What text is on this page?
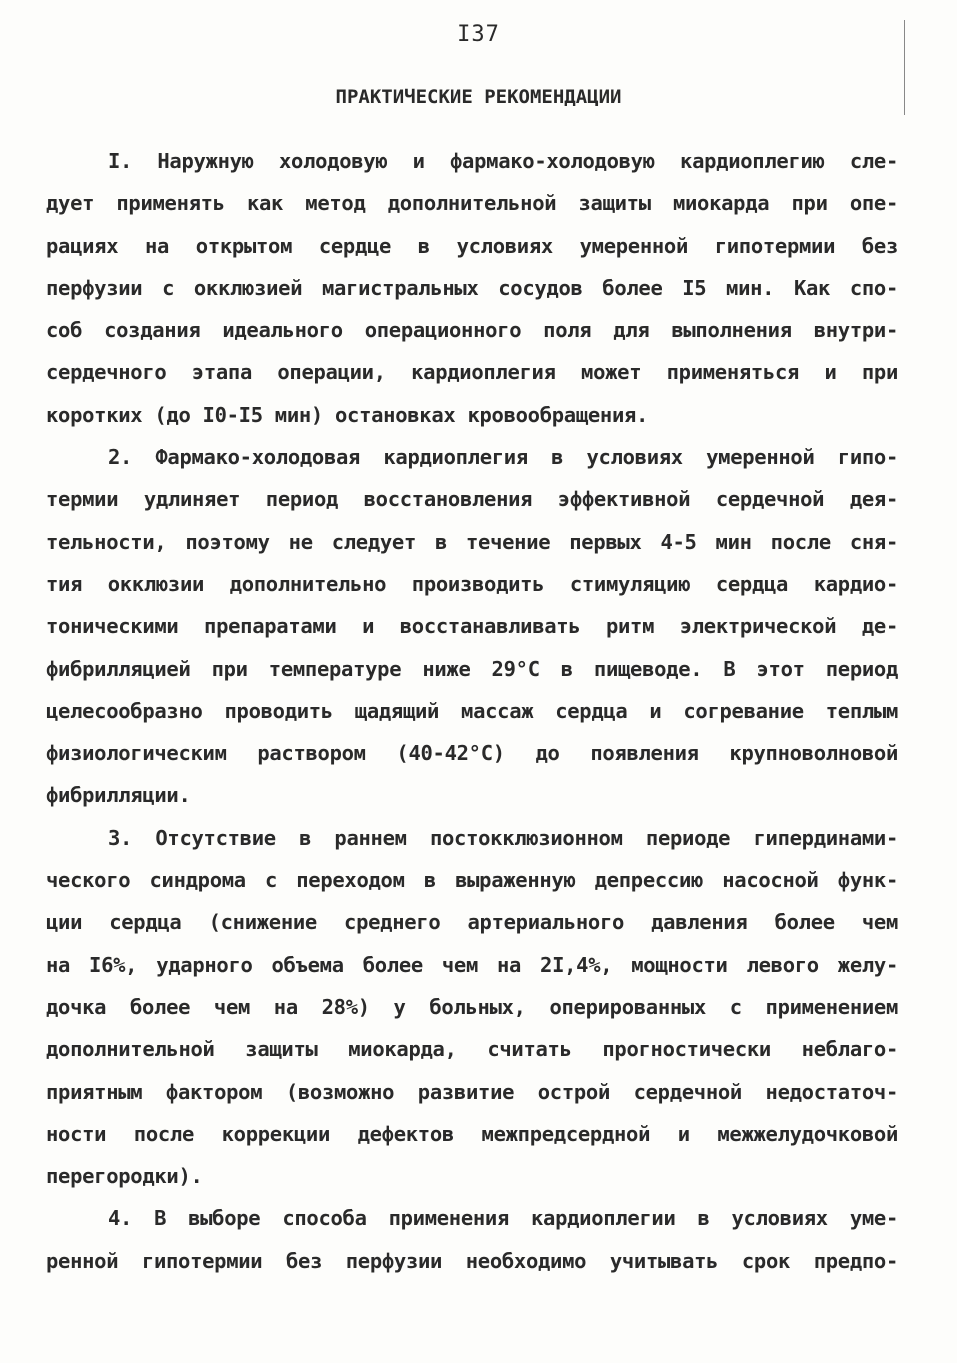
I37
ПРАКТИЧЕСКИЕ РЕКОМЕНДАЦИИ
I. Наружную холодовую и фармако-холодовую кардиоплегию сле-
дует применять как метод дополнительной защиты миокарда при опе-
рациях на открытом сердце в условиях умеренной гипотермии без
перфузии с окклюзией магистральных сосудов более I5 мин. Как спо-
соб создания идеального операционного поля для выполнения внутри-
сердечного этапа операции, кардиоплегия может применяться и при
коротких (до I0-I5 мин) остановках кровообращения.
2. Фармако-холодовая кардиоплегия в условиях умеренной гипо-
термии удлиняет период восстановления эффективной сердечной дея-
тельности, поэтому не следует в течение первых 4-5 мин после сня-
тия окклюзии дополнительно производить стимуляцию сердца кардио-
тоническими препаратами и восстанавливать ритм электрической де-
фибрилляцией при температуре ниже 29°С в пищеводе. В этот период
целесообразно проводить щадящий массаж сердца и согревание теплым
физиологическим раствором (40-42°С) до появления крупноволновой
фибрилляции.
3. Отсутствие в раннем постокклюзионном периоде гипердинами-
ческого синдрома с переходом в выраженную депрессию насосной функ-
ции сердца (снижение среднего артериального давления более чем
на I6%, ударного объема более чем на 2I,4%, мощности левого желу-
дочка более чем на 28%) у больных, оперированных с применением
дополнительной защиты миокарда, считать прогностически неблаго-
приятным фактором (возможно развитие острой сердечной недостаточ-
ности после коррекции дефектов межпредсердной и межжелудочковой
перегородки).
4. В выборе способа применения кардиоплегии в условиях уме-
ренной гипотермии без перфузии необходимо учитывать срок предпо-
